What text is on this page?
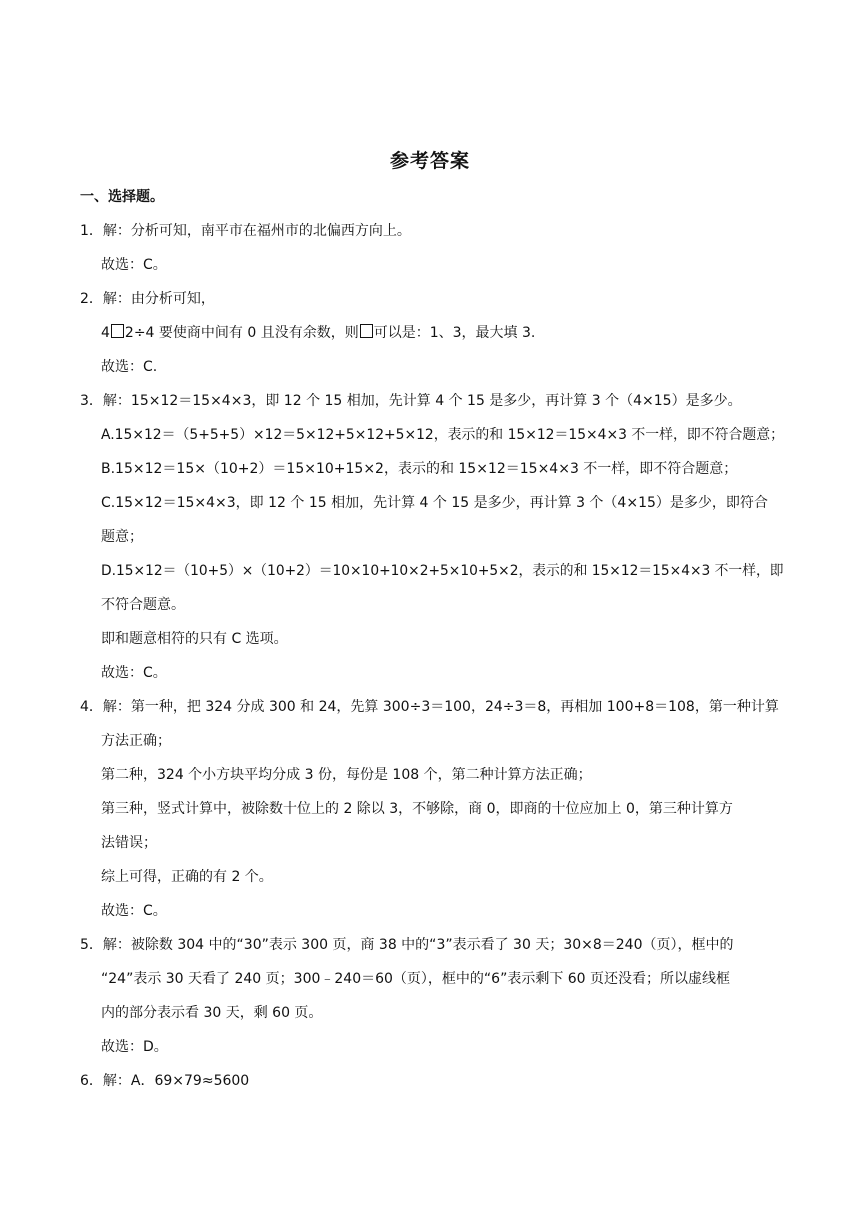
参考答案
一、选择题。
1．解：分析可知，南平市在福州市的北偏西方向上。
故选：C。
2．解：由分析可知，
4 2÷4 要使商中间有 0 且没有余数，则 可以是：1、3，最大填 3.
故选：C.
3．解：15×12＝15×4×3，即 12 个 15 相加，先计算 4 个 15 是多少，再计算 3 个（4×15）是多少。
A.15×12＝（5+5+5）×12＝5×12+5×12+5×12，表示的和 15×12＝15×4×3 不一样，即不符合题意；
B.15×12＝15×（10+2）＝15×10+15×2，表示的和 15×12＝15×4×3 不一样，即不符合题意；
C.15×12＝15×4×3，即 12 个 15 相加，先计算 4 个 15 是多少，再计算 3 个（4×15）是多少，即符合
题意；
D.15×12＝（10+5）×（10+2）＝10×10+10×2+5×10+5×2，表示的和 15×12＝15×4×3 不一样，即
不符合题意。
即和题意相符的只有 C 选项。
故选：C。
4．解：第一种，把 324 分成 300 和 24，先算 300÷3＝100，24÷3＝8，再相加 100+8＝108，第一种计算
方法正确；
第二种，324 个小方块平均分成 3 份，每份是 108 个，第二种计算方法正确；
第三种，竖式计算中，被除数十位上的 2 除以 3，不够除，商 0，即商的十位应加上 0，第三种计算方
法错误；
综上可得，正确的有 2 个。
故选：C。
5．解：被除数 304 中的“30”表示 300 页，商 38 中的“3”表示看了 30 天；30×8＝240（页），框中的
“24”表示 30 天看了 240 页；300﹣240＝60（页），框中的“6”表示剩下 60 页还没看；所以虚线框
内的部分表示看 30 天，剩 60 页。
故选：D。
6．解：A．69×79≈5600
